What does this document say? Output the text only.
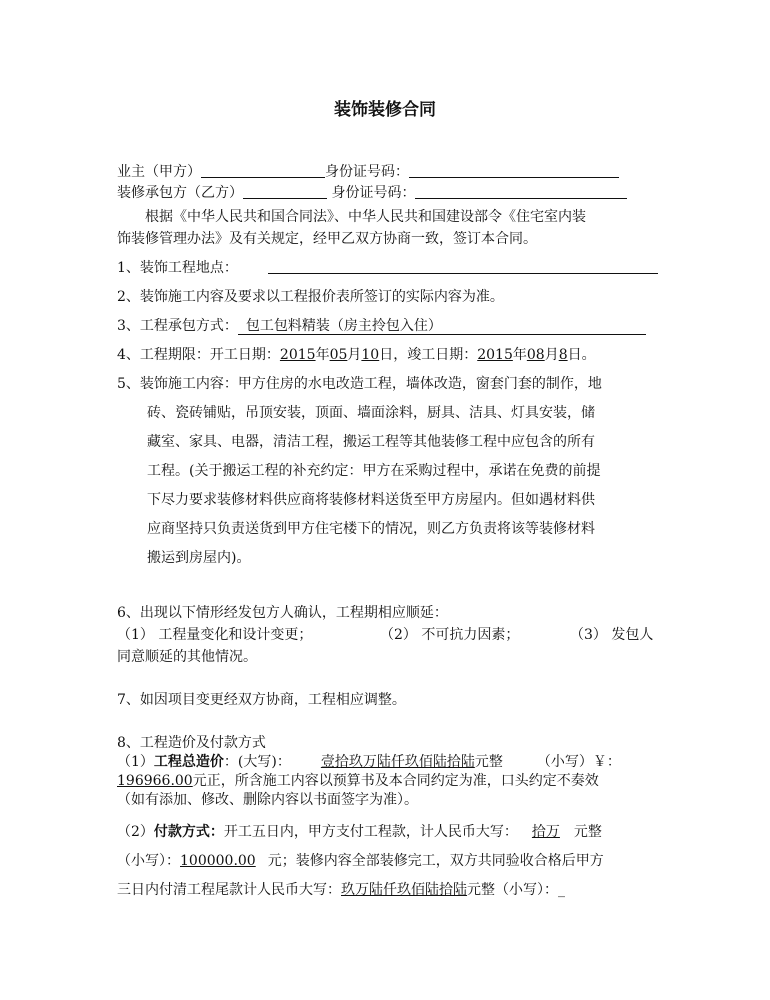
装饰装修合同
业主（甲方）	身份证号码：
装修承包方（乙方）	身份证号码：
根据《中华人民共和国合同法》、中华人民共和国建设部令《住宅室内装
饰装修管理办法》及有关规定，经甲乙双方协商一致，签订本合同。
1、装饰工程地点：
2、装饰施工内容及要求以工程报价表所签订的实际内容为准。
3、工程承包方式： 包工包料精装（房主拎包入住）
4、工程期限：开工日期：2015年05月10日，竣工日期：2015年08月8日。
5、装饰施工内容：甲方住房的水电改造工程，墙体改造，窗套门套的制作，地
砖、瓷砖铺贴，吊顶安装，顶面、墙面涂料，厨具、洁具、灯具安装，储
藏室、家具、电器，清洁工程，搬运工程等其他装修工程中应包含的所有
工程。(关于搬运工程的补充约定：甲方在采购过程中，承诺在免费的前提
下尽力要求装修材料供应商将装修材料送货至甲方房屋内。但如遇材料供
应商坚持只负责送货到甲方住宅楼下的情况，则乙方负责将该等装修材料
搬运到房屋内)。
6、出现以下情形经发包方人确认，工程期相应顺延：
（1） 工程量变化和设计变更；	（2） 不可抗力因素；	（3） 发包人
同意顺延的其他情况。
7、如因项目变更经双方协商，工程相应调整。
8、工程造价及付款方式
（1）工程总造价：(大写)： 壹拾玖万陆仟玖佰陆拾陆元整 （小写）￥：
196966.00元正，所含施工内容以预算书及本合同约定为准，口头约定不奏效
（如有添加、修改、删除内容以书面签字为准）。
（2）付款方式：开工五日内，甲方支付工程款，计人民币大写： 拾万 元整
（小写）：100000.00 元；装修内容全部装修完工，双方共同验收合格后甲方
三日内付清工程尾款计人民币大写：玖万陆仟玖佰陆拾陆元整（小写）：_
